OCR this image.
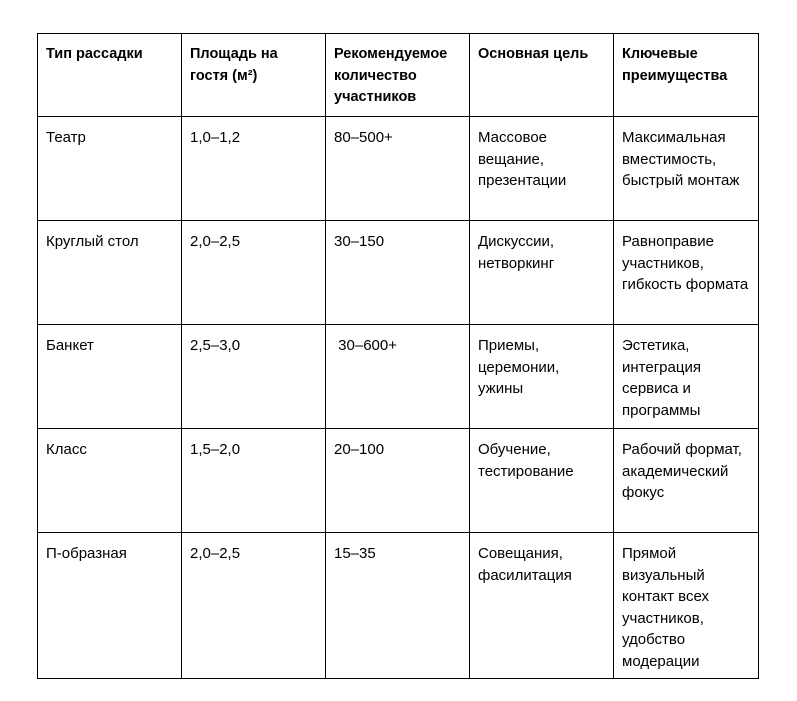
Тип рассадки	Площадь на гостя (м²)	Рекомендуемое количество участников	Основная цель	Ключевые преимущества
Театр	1,0–1,2	80–500+	Массовое вещание, презентации	Максимальная вместимость, быстрый монтаж
Круглый стол	2,0–2,5	30–150	Дискуссии, нетворкинг	Равноправие участников, гибкость формата
Банкет	2,5–3,0	30–600+	Приемы, церемонии, ужины	Эстетика, интеграция сервиса и программы
Класс	1,5–2,0	20–100	Обучение, тестирование	Рабочий формат, академический фокус
П-образная	2,0–2,5	15–35	Совещания, фасилитация	Прямой визуальный контакт всех участников, удобство модерации
